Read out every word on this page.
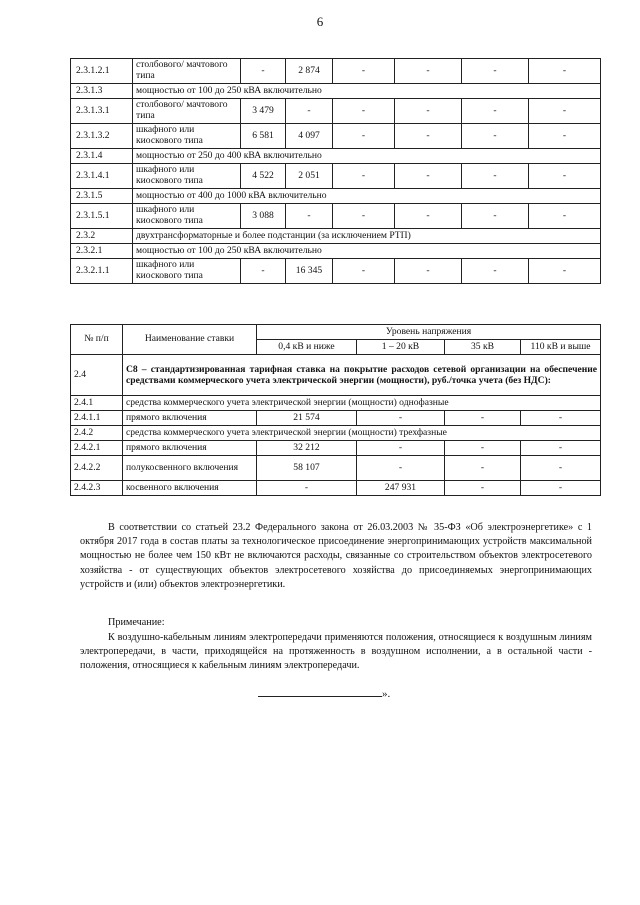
6
2.3.1.2.1	столбового/ мачтового типа	-	2 874	-	-	-	-
2.3.1.3	мощностью от 100 до 250 кВА включительно						
2.3.1.3.1	столбового/ мачтового типа	3 479	-	-	-	-	-
2.3.1.3.2	шкафного или киоскового типа	6 581	4 097	-	-	-	-
2.3.1.4	мощностью от 250 до 400 кВА включительно						
2.3.1.4.1	шкафного или киоскового типа	4 522	2 051	-	-	-	-
2.3.1.5	мощностью от 400 до 1000 кВА включительно						
2.3.1.5.1	шкафного или киоскового типа	3 088	-	-	-	-	-
2.3.2	двухтрансформаторные и более подстанции (за исключением РТП)						
2.3.2.1	мощностью от 100 до 250 кВА включительно						
2.3.2.1.1	шкафного или киоскового типа	-	16 345	-	-	-	-
№ п/п	Наименование ставки	Уровень напряжения			
		0,4 кВ и ниже	1 – 20 кВ	35 кВ	110 кВ и выше
2.4	С8 – стандартизированная тарифная ставка на покрытие расходов сетевой организации на обеспечение средствами коммерческого учета электрической энергии (мощности), руб./точка учета (без НДС):				
2.4.1	средства коммерческого учета электрической энергии (мощности) однофазные				
2.4.1.1	прямого включения	21 574	-	-	-
2.4.2	средства коммерческого учета электрической энергии (мощности) трехфазные				
2.4.2.1	прямого включения	32 212	-	-	-
2.4.2.2	полукосвенного включения	58 107	-	-	-
2.4.2.3	косвенного включения	-	247 931	-	-
В соответствии со статьей 23.2 Федерального закона от 26.03.2003 № 35-ФЗ «Об электроэнергетике» с 1 октября 2017 года в состав платы за технологическое присоединение энергопринимающих устройств максимальной мощностью не более чем 150 кВт не включаются расходы, связанные со строительством объектов электросетевого хозяйства - от существующих объектов электросетевого хозяйства до присоединяемых энергопринимающих устройств и (или) объектов электроэнергетики.
Примечание:
К воздушно-кабельным линиям электропередачи применяются положения, относящиеся к воздушным линиям электропередачи, в части, приходящейся на протяженность в воздушном исполнении, а в остальной части - положения, относящиеся к кабельным линиям электропередачи.
».
